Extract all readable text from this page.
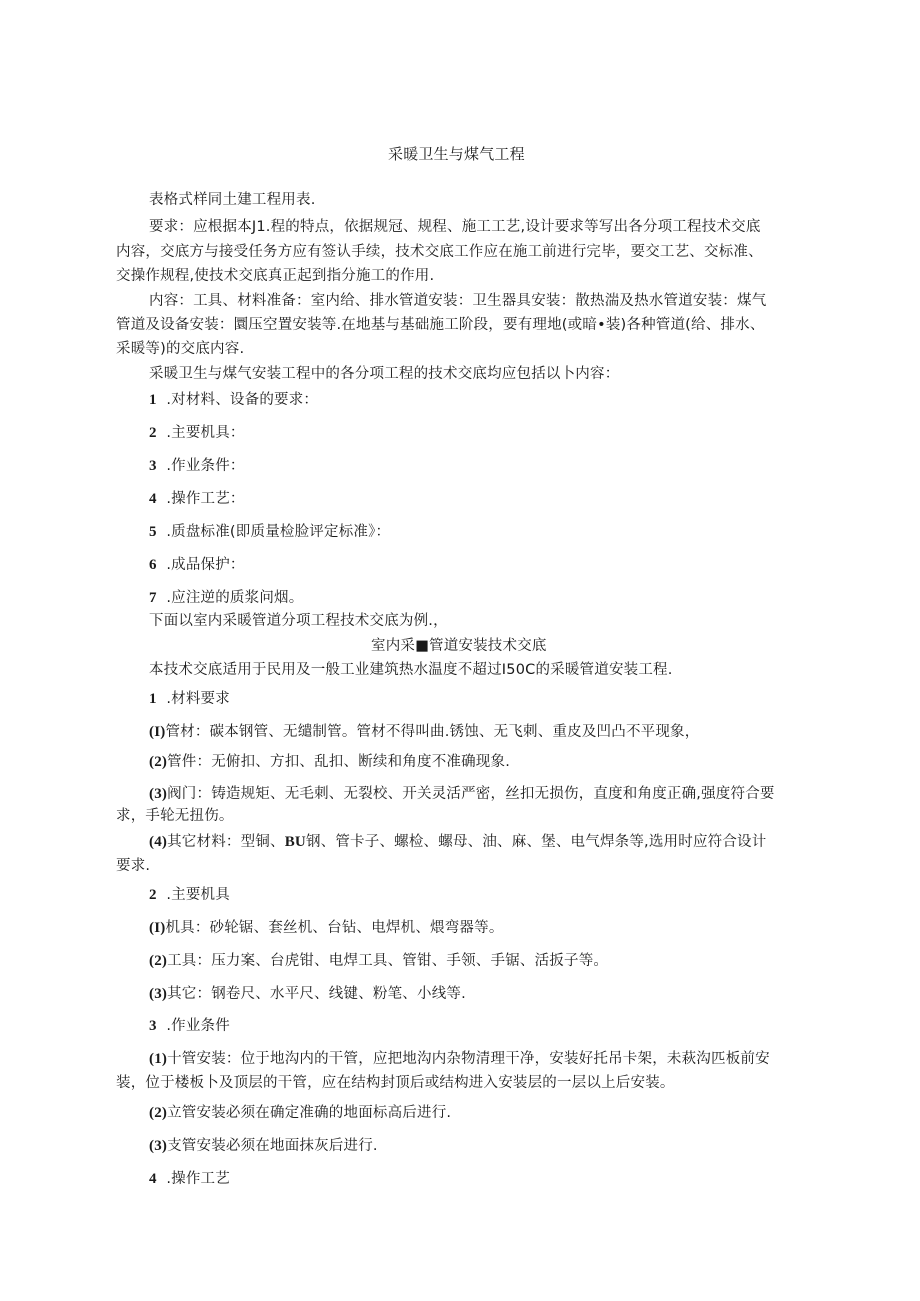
采暖卫生与煤气工程

表格式样同土建工程用表.

要求：应根据本J1.程的特点，依据规冠、规程、施工工艺,设计要求等写出各分项工程技术交底

内容，交底方与接受任务方应有签认手续，技术交底工作应在施工前进行完毕，要交工艺、交标准、

交操作规程,使技术交底真正起到指分施工的作用.

内容：工具、材料准备：室内给、排水管道安装：卫生器具安装：散热湍及热水管道安装：煤气

管道及设备安装：圜压空置安装等.在地基与基础施工阶段，要有理地(或暗•装)各种管道(给、排水、

采暖等)的交底内容.

采暖卫生与煤气安装工程中的各分项工程的技术交底均应包括以卜内容：

1 .对材料、设备的要求：

2 .主要机具：

3 .作业条件：

4 .操作工艺：

5 .质盘标准(即质量检脸评定标准》：

6 .成品保护：

7 .应注逆的质浆问烟。

下面以室内采暖管道分项工程技术交底为例.，

室内采■管道安装技术交底

本技术交底适用于民用及一般工业建筑热水温度不超过I50C的采暖管道安装工程.

1 .材料要求

(I)管材：碳本钢管、无缱制管。管材不得叫曲.锈蚀、无飞刺、重皮及凹凸不平现象，

(2)管件：无俯扣、方扣、乱扣、断续和角度不准确现象.

(3)阀门：铸造规矩、无毛刺、无裂校、开关灵活严密，丝扣无损伤，直度和角度正确,强度符合要

求，手轮无扭伤。

(4)其它材料：型铜、BU钢、管卡子、螺检、螺母、油、麻、堡、电气焊条等,选用时应符合设计

要求.

2 .主要机具

(I)机具：砂轮锯、套丝机、台钻、电焊机、煨弯器等。

(2)工具：压力案、台虎钳、电焊工具、管钳、手领、手锯、活扳子等。

(3)其它：钢卷尺、水平尺、线键、粉笔、小线等.

3 .作业条件

(1)十管安装：位于地沟内的干管，应把地沟内杂物清理干净，安装好托吊卡架，未萩沟匹板前安

装，位于楼板卜及顶层的干管，应在结构封顶后或结构进入安装层的一层以上后安装。

(2)立管安装必须在确定准确的地面标高后进行.

(3)支管安装必须在地面抹灰后进行.

4 .操作工艺
